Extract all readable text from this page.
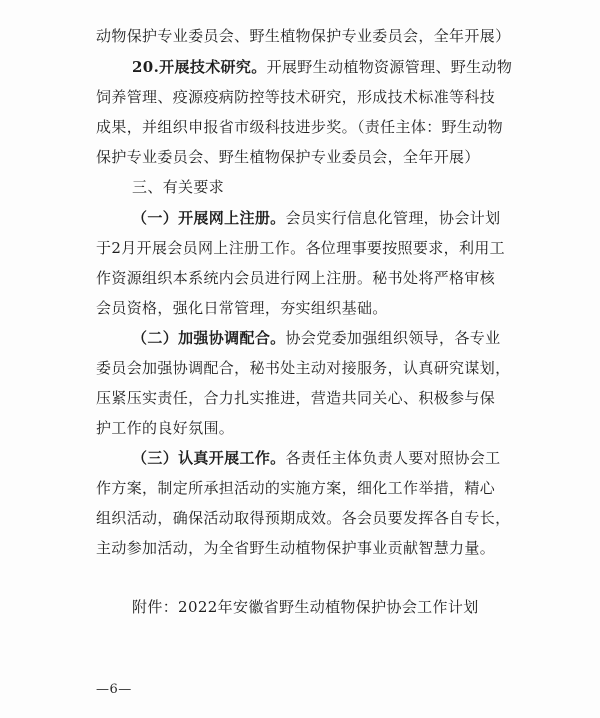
动物保护专业委员会、野生植物保护专业委员会，全年开展）
20.开展技术研究。开展野生动植物资源管理、野生动物
饲养管理、疫源疫病防控等技术研究，形成技术标准等科技
成果，并组织申报省市级科技进步奖。（责任主体：野生动物
保护专业委员会、野生植物保护专业委员会，全年开展）
三、有关要求
（一）开展网上注册。会员实行信息化管理，协会计划
于2月开展会员网上注册工作。各位理事要按照要求，利用工
作资源组织本系统内会员进行网上注册。秘书处将严格审核
会员资格，强化日常管理，夯实组织基础。
（二）加强协调配合。协会党委加强组织领导，各专业
委员会加强协调配合，秘书处主动对接服务，认真研究谋划，
压紧压实责任，合力扎实推进，营造共同关心、积极参与保
护工作的良好氛围。
（三）认真开展工作。各责任主体负责人要对照协会工
作方案，制定所承担活动的实施方案，细化工作举措，精心
组织活动，确保活动取得预期成效。各会员要发挥各自专长，
主动参加活动，为全省野生动植物保护事业贡献智慧力量。
附件：2022年安徽省野生动植物保护协会工作计划
—6—
